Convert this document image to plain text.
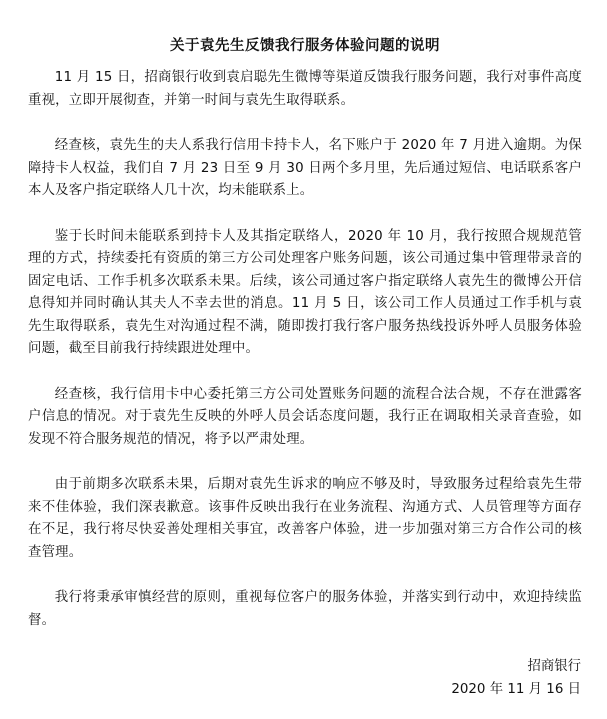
关于袁先生反馈我行服务体验问题的说明

11 月 15 日，招商银行收到袁启聪先生微博等渠道反馈我行服务问题，我行对事件高度重视，立即开展彻查，并第一时间与袁先生取得联系。

经查核，袁先生的夫人系我行信用卡持卡人，名下账户于 2020 年 7 月进入逾期。为保障持卡人权益，我们自 7 月 23 日至 9 月 30 日两个多月里，先后通过短信、电话联系客户本人及客户指定联络人几十次，均未能联系上。

鉴于长时间未能联系到持卡人及其指定联络人，2020 年 10 月，我行按照合规规范管理的方式，持续委托有资质的第三方公司处理客户账务问题，该公司通过集中管理带录音的固定电话、工作手机多次联系未果。后续，该公司通过客户指定联络人袁先生的微博公开信息得知并同时确认其夫人不幸去世的消息。11 月 5 日，该公司工作人员通过工作手机与袁先生取得联系，袁先生对沟通过程不满，随即拨打我行客户服务热线投诉外呼人员服务体验问题，截至目前我行持续跟进处理中。

经查核，我行信用卡中心委托第三方公司处置账务问题的流程合法合规，不存在泄露客户信息的情况。对于袁先生反映的外呼人员会话态度问题，我行正在调取相关录音查验，如发现不符合服务规范的情况，将予以严肃处理。

由于前期多次联系未果，后期对袁先生诉求的响应不够及时，导致服务过程给袁先生带来不佳体验，我们深表歉意。该事件反映出我行在业务流程、沟通方式、人员管理等方面存在不足，我行将尽快妥善处理相关事宜，改善客户体验，进一步加强对第三方合作公司的核查管理。

我行将秉承审慎经营的原则，重视每位客户的服务体验，并落实到行动中，欢迎持续监督。

招商银行
2020 年 11 月 16 日
